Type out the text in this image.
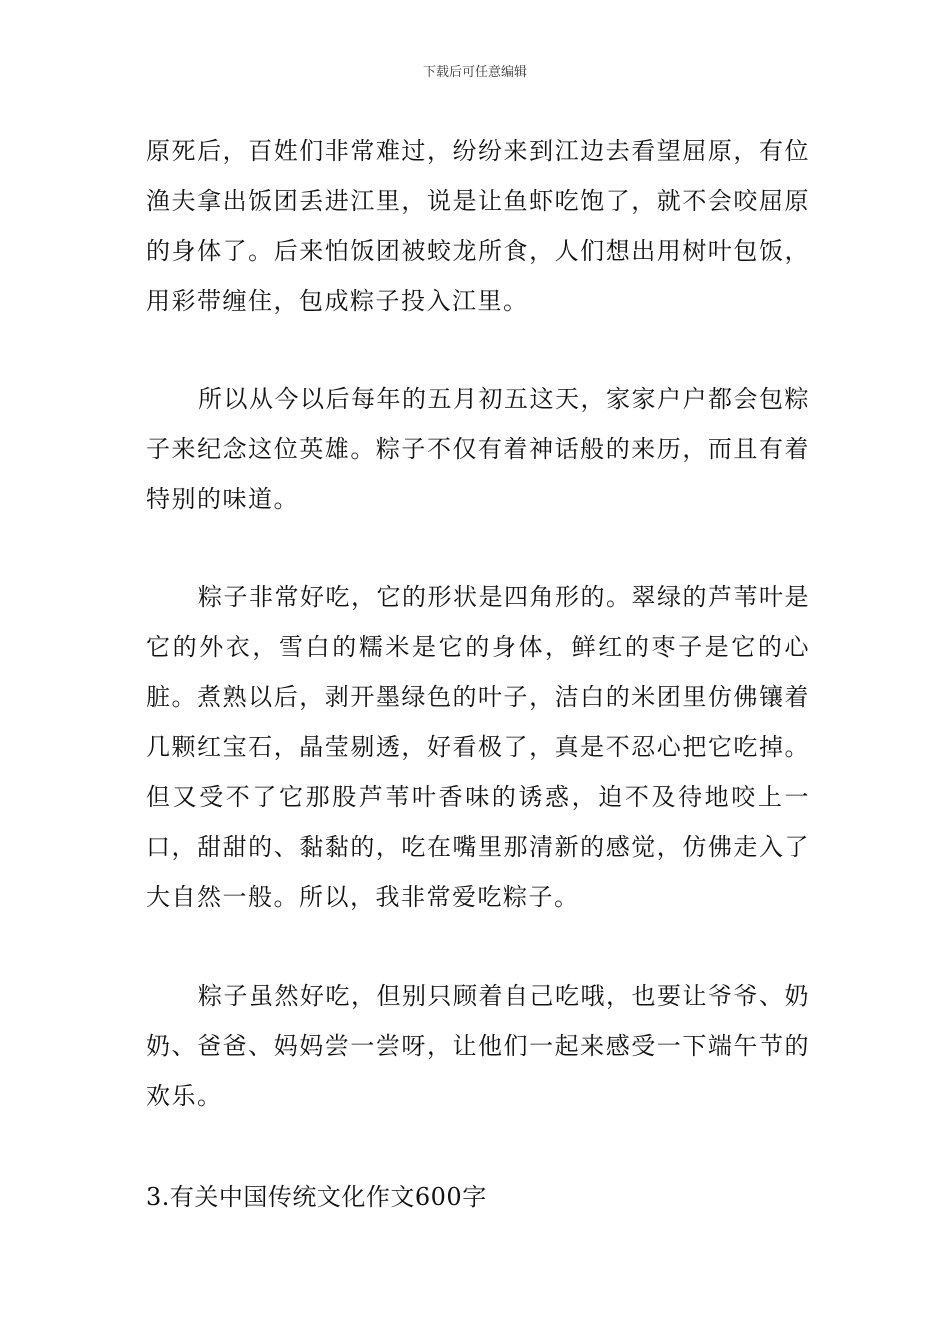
下载后可任意编辑

原死后，百姓们非常难过，纷纷来到江边去看望屈原，有位渔夫拿出饭团丢进江里，说是让鱼虾吃饱了，就不会咬屈原的身体了。后来怕饭团被蛟龙所食，人们想出用树叶包饭，用彩带缠住，包成粽子投入江里。

所以从今以后每年的五月初五这天，家家户户都会包粽子来纪念这位英雄。粽子不仅有着神话般的来历，而且有着特别的味道。

粽子非常好吃，它的形状是四角形的。翠绿的芦苇叶是它的外衣，雪白的糯米是它的身体，鲜红的枣子是它的心脏。煮熟以后，剥开墨绿色的叶子，洁白的米团里仿佛镶着几颗红宝石，晶莹剔透，好看极了，真是不忍心把它吃掉。但又受不了它那股芦苇叶香味的诱惑，迫不及待地咬上一口，甜甜的、黏黏的，吃在嘴里那清新的感觉，仿佛走入了大自然一般。所以，我非常爱吃粽子。

粽子虽然好吃，但别只顾着自己吃哦，也要让爷爷、奶奶、爸爸、妈妈尝一尝呀，让他们一起来感受一下端午节的欢乐。

3.有关中国传统文化作文600字
